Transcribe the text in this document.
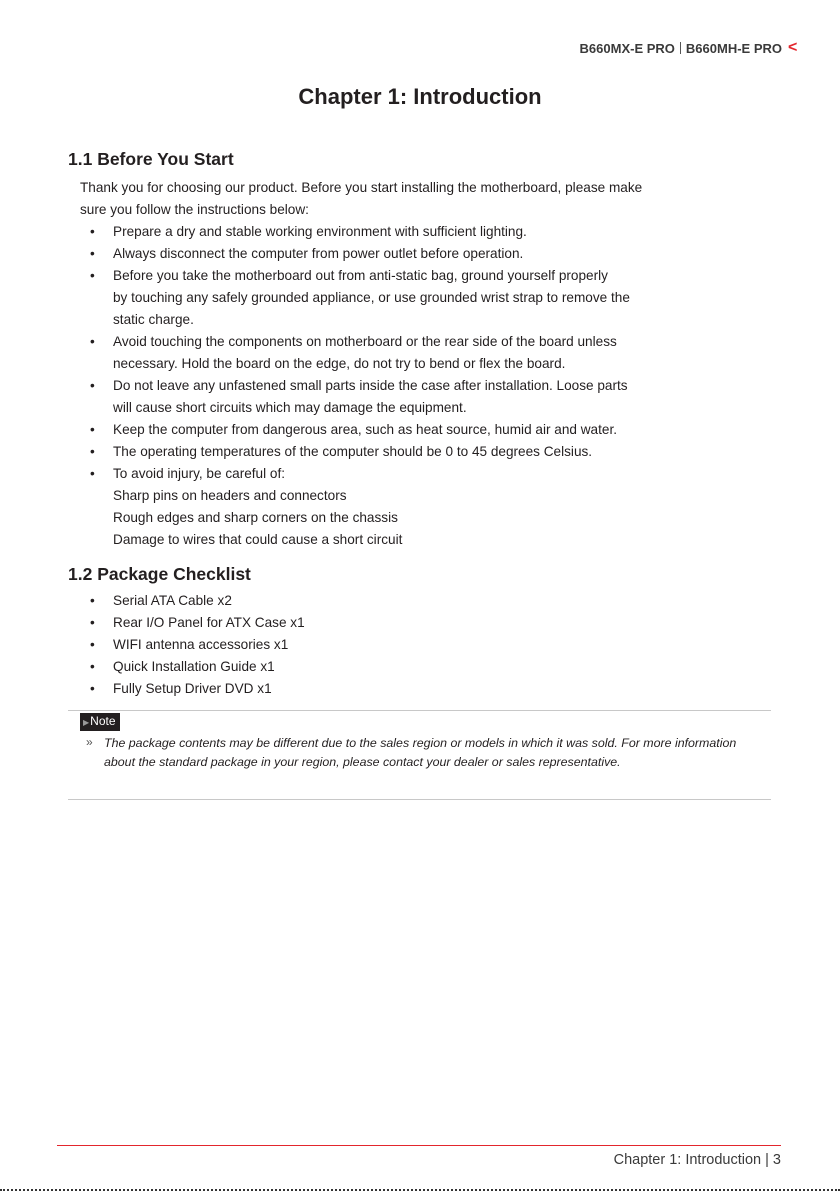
B660MX-E PRO B660MH-E PRO <
Chapter 1: Introduction
1.1 Before You Start
Thank you for choosing our product. Before you start installing the motherboard, please make
sure you follow the instructions below:
• Prepare a dry and stable working environment with sufficient lighting.
• Always disconnect the computer from power outlet before operation.
• Before you take the motherboard out from anti-static bag, ground yourself properly
by touching any safely grounded appliance, or use grounded wrist strap to remove the
static charge.
• Avoid touching the components on motherboard or the rear side of the board unless
necessary. Hold the board on the edge, do not try to bend or flex the board.
• Do not leave any unfastened small parts inside the case after installation. Loose parts
will cause short circuits which may damage the equipment.
• Keep the computer from dangerous area, such as heat source, humid air and water.
• The operating temperatures of the computer should be 0 to 45 degrees Celsius.
• To avoid injury, be careful of:
Sharp pins on headers and connectors
Rough edges and sharp corners on the chassis
Damage to wires that could cause a short circuit
1.2 Package Checklist
• Serial ATA Cable x2
• Rear I/O Panel for ATX Case x1
• WIFI antenna accessories x1
• Quick Installation Guide x1
• Fully Setup Driver DVD x1
▶Note
» The package contents may be different due to the sales region or models in which it was sold. For more information about the standard package in your region, please contact your dealer or sales representative.
Chapter 1: Introduction | 3
